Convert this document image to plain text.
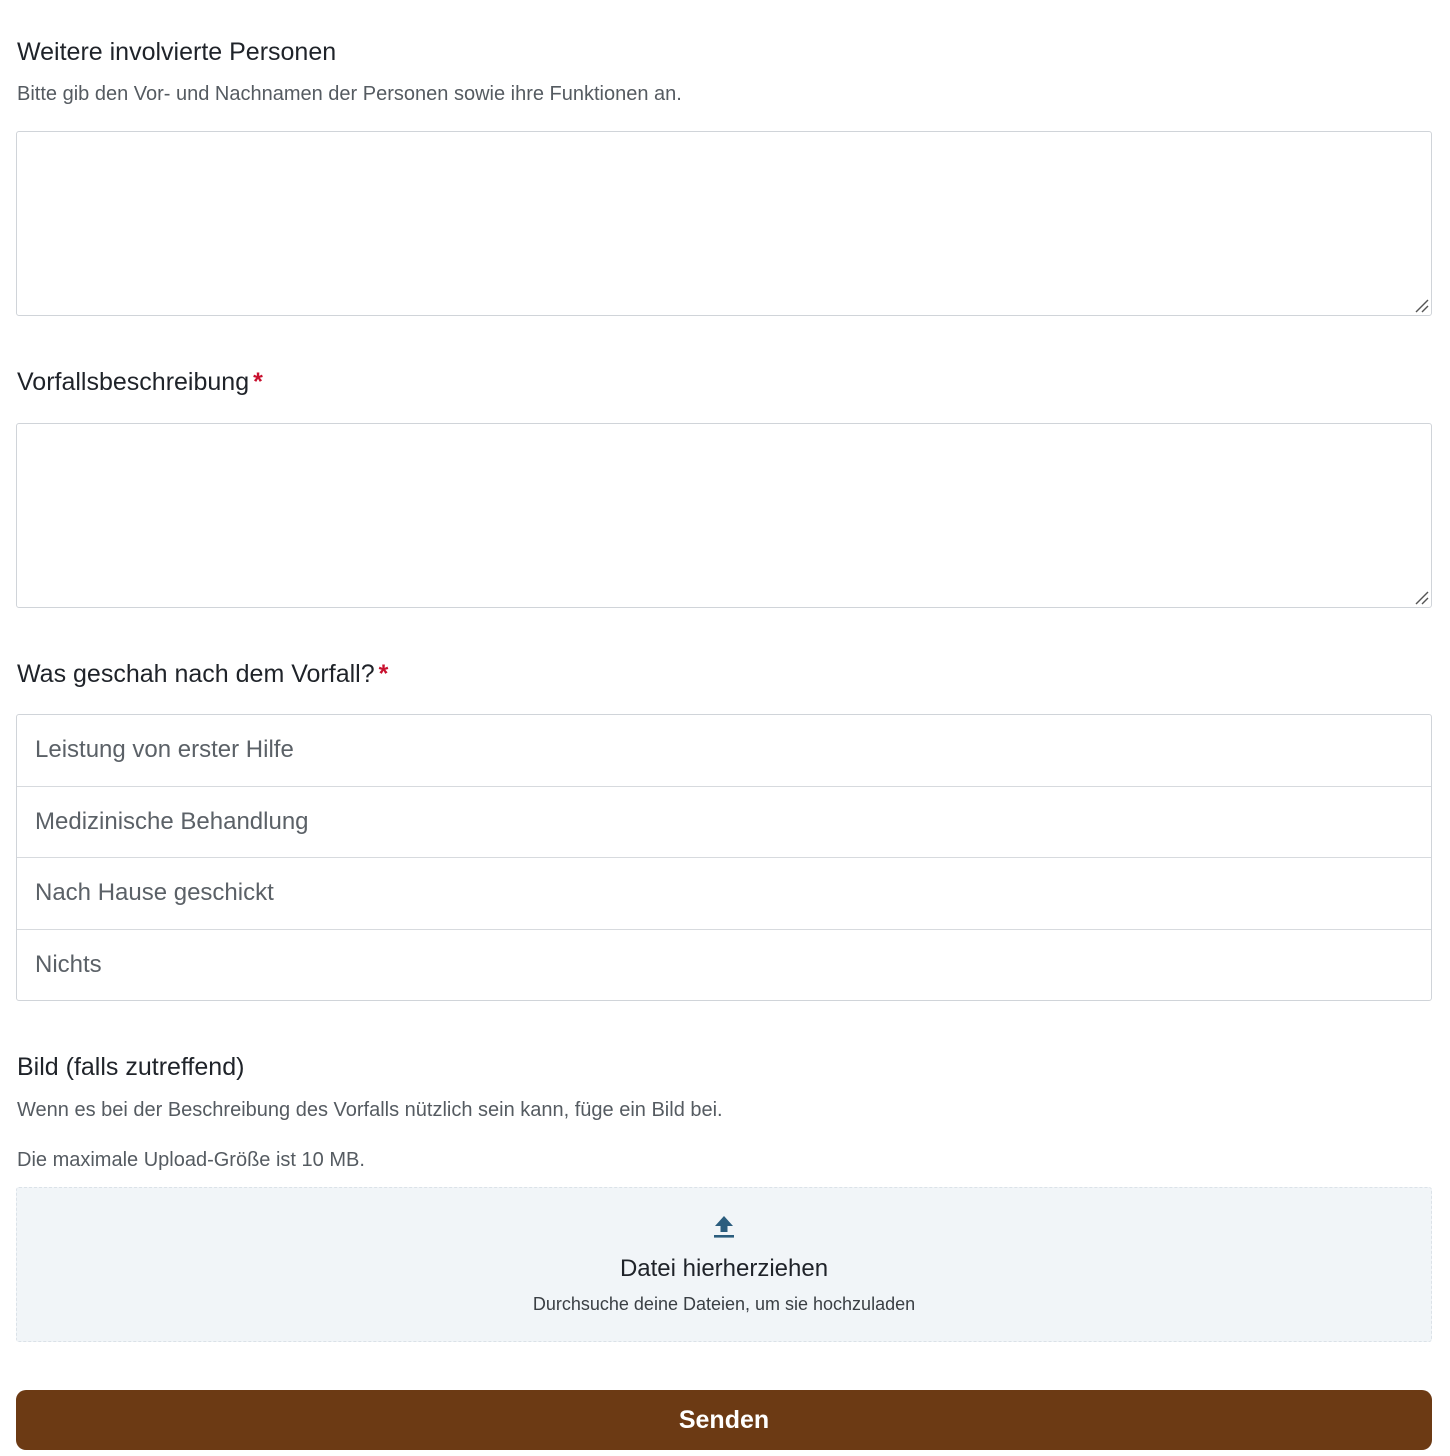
Weitere involvierte Personen
Bitte gib den Vor- und Nachnamen der Personen sowie ihre Funktionen an.
Vorfallsbeschreibung *
Was geschah nach dem Vorfall? *
Leistung von erster Hilfe
Medizinische Behandlung
Nach Hause geschickt
Nichts
Bild (falls zutreffend)
Wenn es bei der Beschreibung des Vorfalls nützlich sein kann, füge ein Bild bei.
Die maximale Upload-Größe ist 10 MB.
Datei hierherziehen
Durchsuche deine Dateien, um sie hochzuladen
Senden
